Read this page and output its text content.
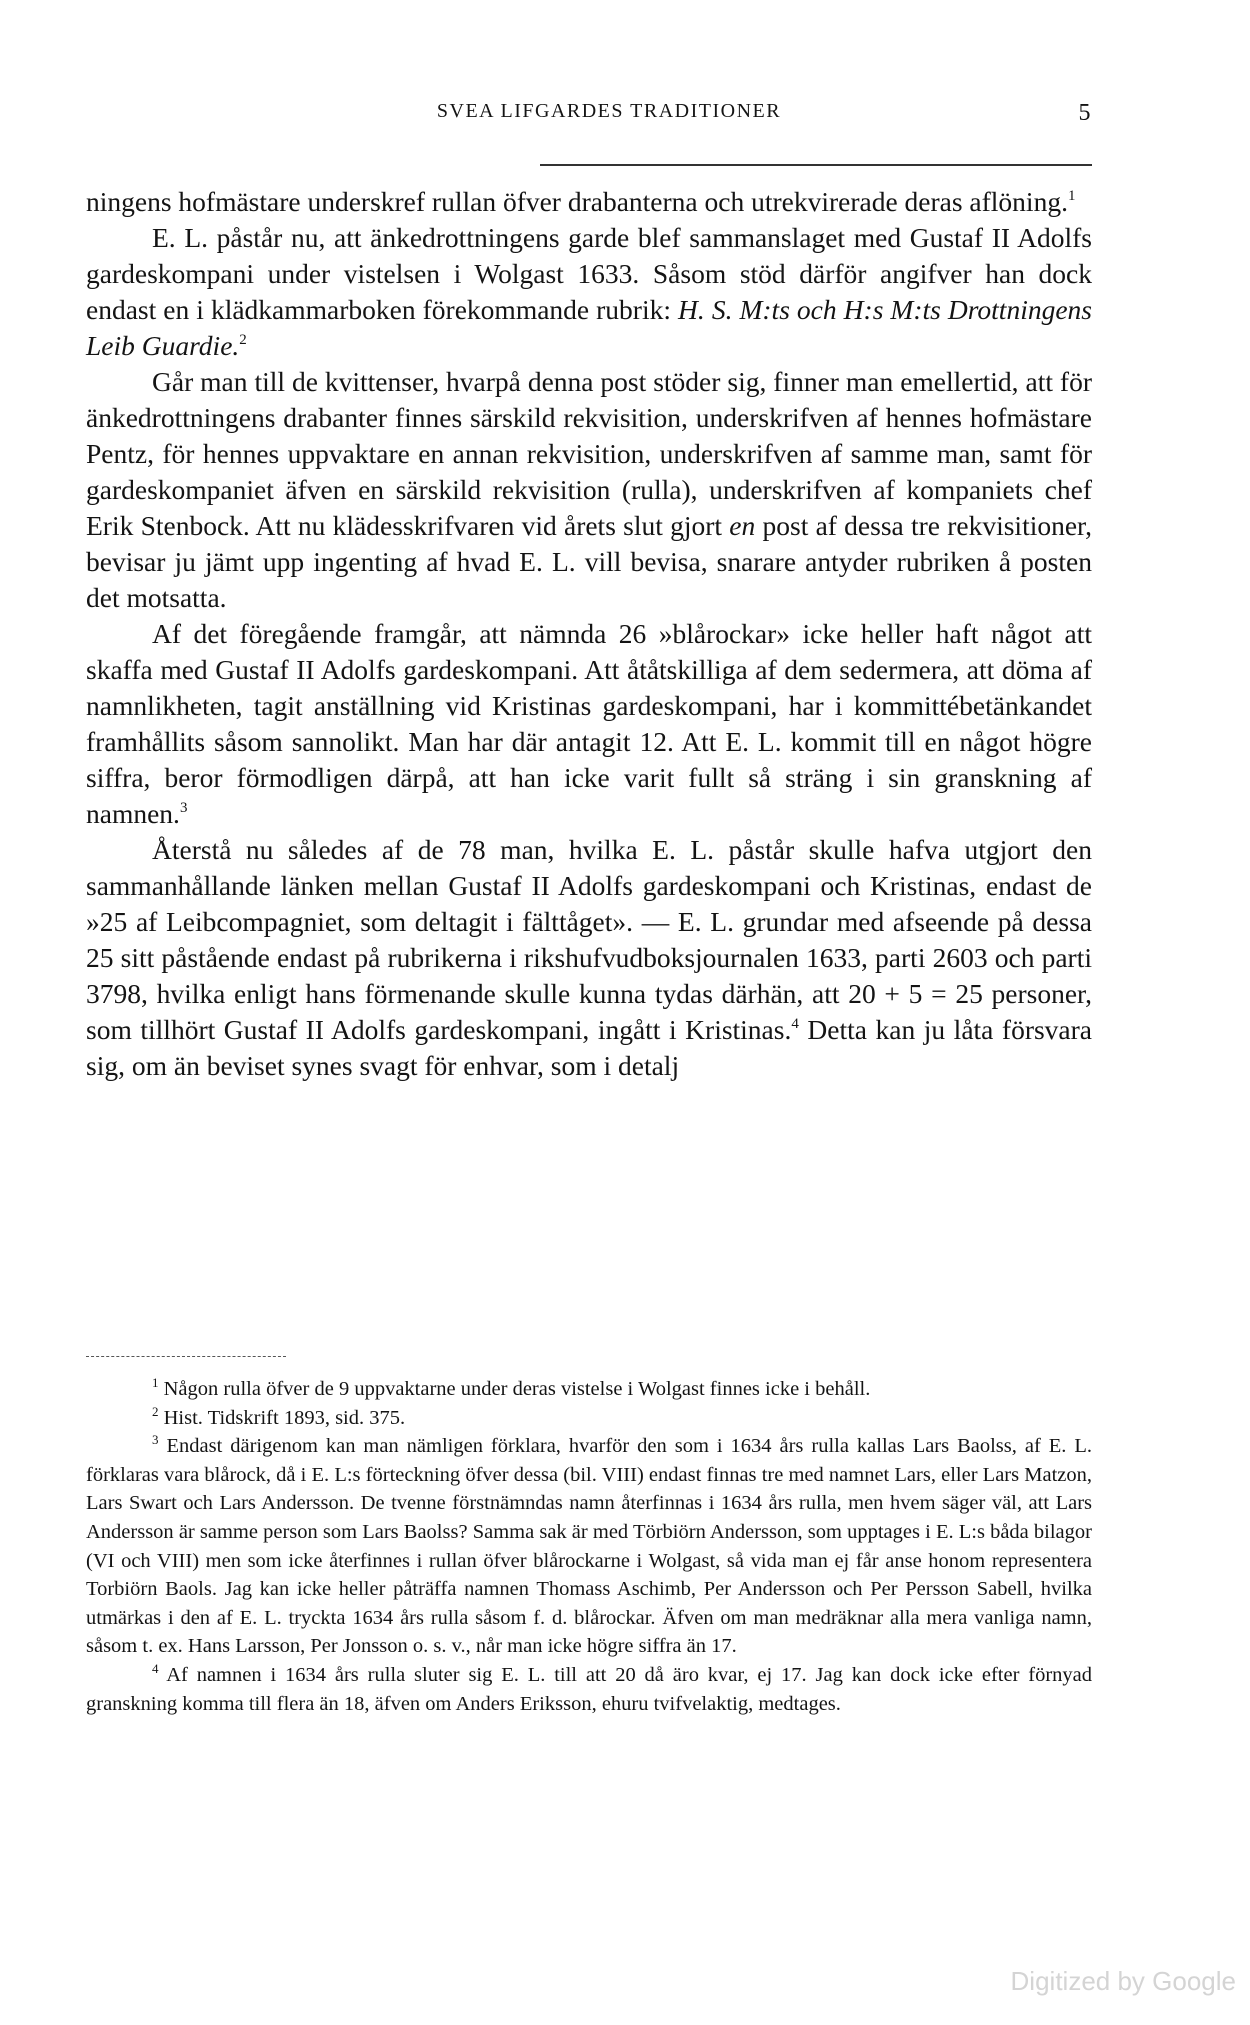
SVEA LIFGARDES TRADITIONER	5

ningens hofmästare underskref rullan öfver drabanterna och utrekvirerade deras aflöning.$^1$

E. L. påstår nu, att änkedrottningens garde blef sammanslaget med Gustaf II Adolfs gardeskompani under vistelsen i Wolgast 1633. Såsom stöd därför angifver han dock endast en i klädkammarboken förekommande rubrik: H. S. M:ts och H:s M:ts Drottningens Leib Guardie.$^2$

Går man till de kvittenser, hvarpå denna post stöder sig, finner man emellertid, att för änkedrottningens drabanter finnes särskild rekvisition, underskrifven af hennes hofmästare Pentz, för hennes uppvaktare en annan rekvisition, underskrifven af samme man, samt för gardeskompaniet äfven en särskild rekvisition (rulla), underskrifven af kompaniets chef Erik Stenbock. Att nu klädesskrifvaren vid årets slut gjort en post af dessa tre rekvisitioner, bevisar ju jämt upp ingenting af hvad E. L. vill bevisa, snarare antyder rubriken å posten det motsatta.

Af det föregående framgår, att nämnda 26 »blårockar» icke heller haft något att skaffa med Gustaf II Adolfs gardeskompani. Att åtåtskilliga af dem sedermera, att döma af namnlikheten, tagit anställning vid Kristinas gardeskompani, har i kommittébetänkandet framhållits såsom sannolikt. Man har där antagit 12. Att E. L. kommit till en något högre siffra, beror förmodligen därpå, att han icke varit fullt så sträng i sin granskning af namnen.$^3$

Återstå nu således af de 78 man, hvilka E. L. påstår skulle hafva utgjort den sammanhållande länken mellan Gustaf II Adolfs gardeskompani och Kristinas, endast de »25 af Leibcompagniet, som deltagit i fälttåget». — E. L. grundar med afseende på dessa 25 sitt påstående endast på rubrikerna i rikshufvudboksjournalen 1633, parti 2603 och parti 3798, hvilka enligt hans förmenande skulle kunna tydas därhän, att 20 + 5 = 25 personer, som tillhört Gustaf II Adolfs gardeskompani, ingått i Kristinas.$^4$ Detta kan ju låta försvara sig, om än beviset synes svagt för enhvar, som i detalj

$^1$ Någon rulla öfver de 9 uppvaktarne under deras vistelse i Wolgast finnes icke i behåll.

$^2$ Hist. Tidskrift 1893, sid. 375.

$^3$ Endast därigenom kan man nämligen förklara, hvarför den som i 1634 års rulla kallas Lars Baolss, af E. L. förklaras vara blårock, då i E. L:s förteckning öfver dessa (bil. VIII) endast finnas tre med namnet Lars, eller Lars Matzon, Lars Swart och Lars Andersson. De tvenne förstnämndas namn återfinnas i 1634 års rulla, men hvem säger väl, att Lars Andersson är samme person som Lars Baolss? Samma sak är med Törbiörn Andersson, som upptages i E. L:s båda bilagor (VI och VIII) men som icke återfinnes i rullan öfver blårockarne i Wolgast, så vida man ej får anse honom representera Torbiörn Baols. Jag kan icke heller påträffa namnen Thomass Aschimb, Per Andersson och Per Persson Sabell, hvilka utmärkas i den af E. L. tryckta 1634 års rulla såsom f. d. blårockar. Äfven om man medräknar alla mera vanliga namn, såsom t. ex. Hans Larsson, Per Jonsson o. s. v., når man icke högre siffra än 17.

$^4$ Af namnen i 1634 års rulla sluter sig E. L. till att 20 då äro kvar, ej 17. Jag kan dock icke efter förnyad granskning komma till flera än 18, äfven om Anders Eriksson, ehuru tvifvelaktig, medtages.

Digitized by Google
